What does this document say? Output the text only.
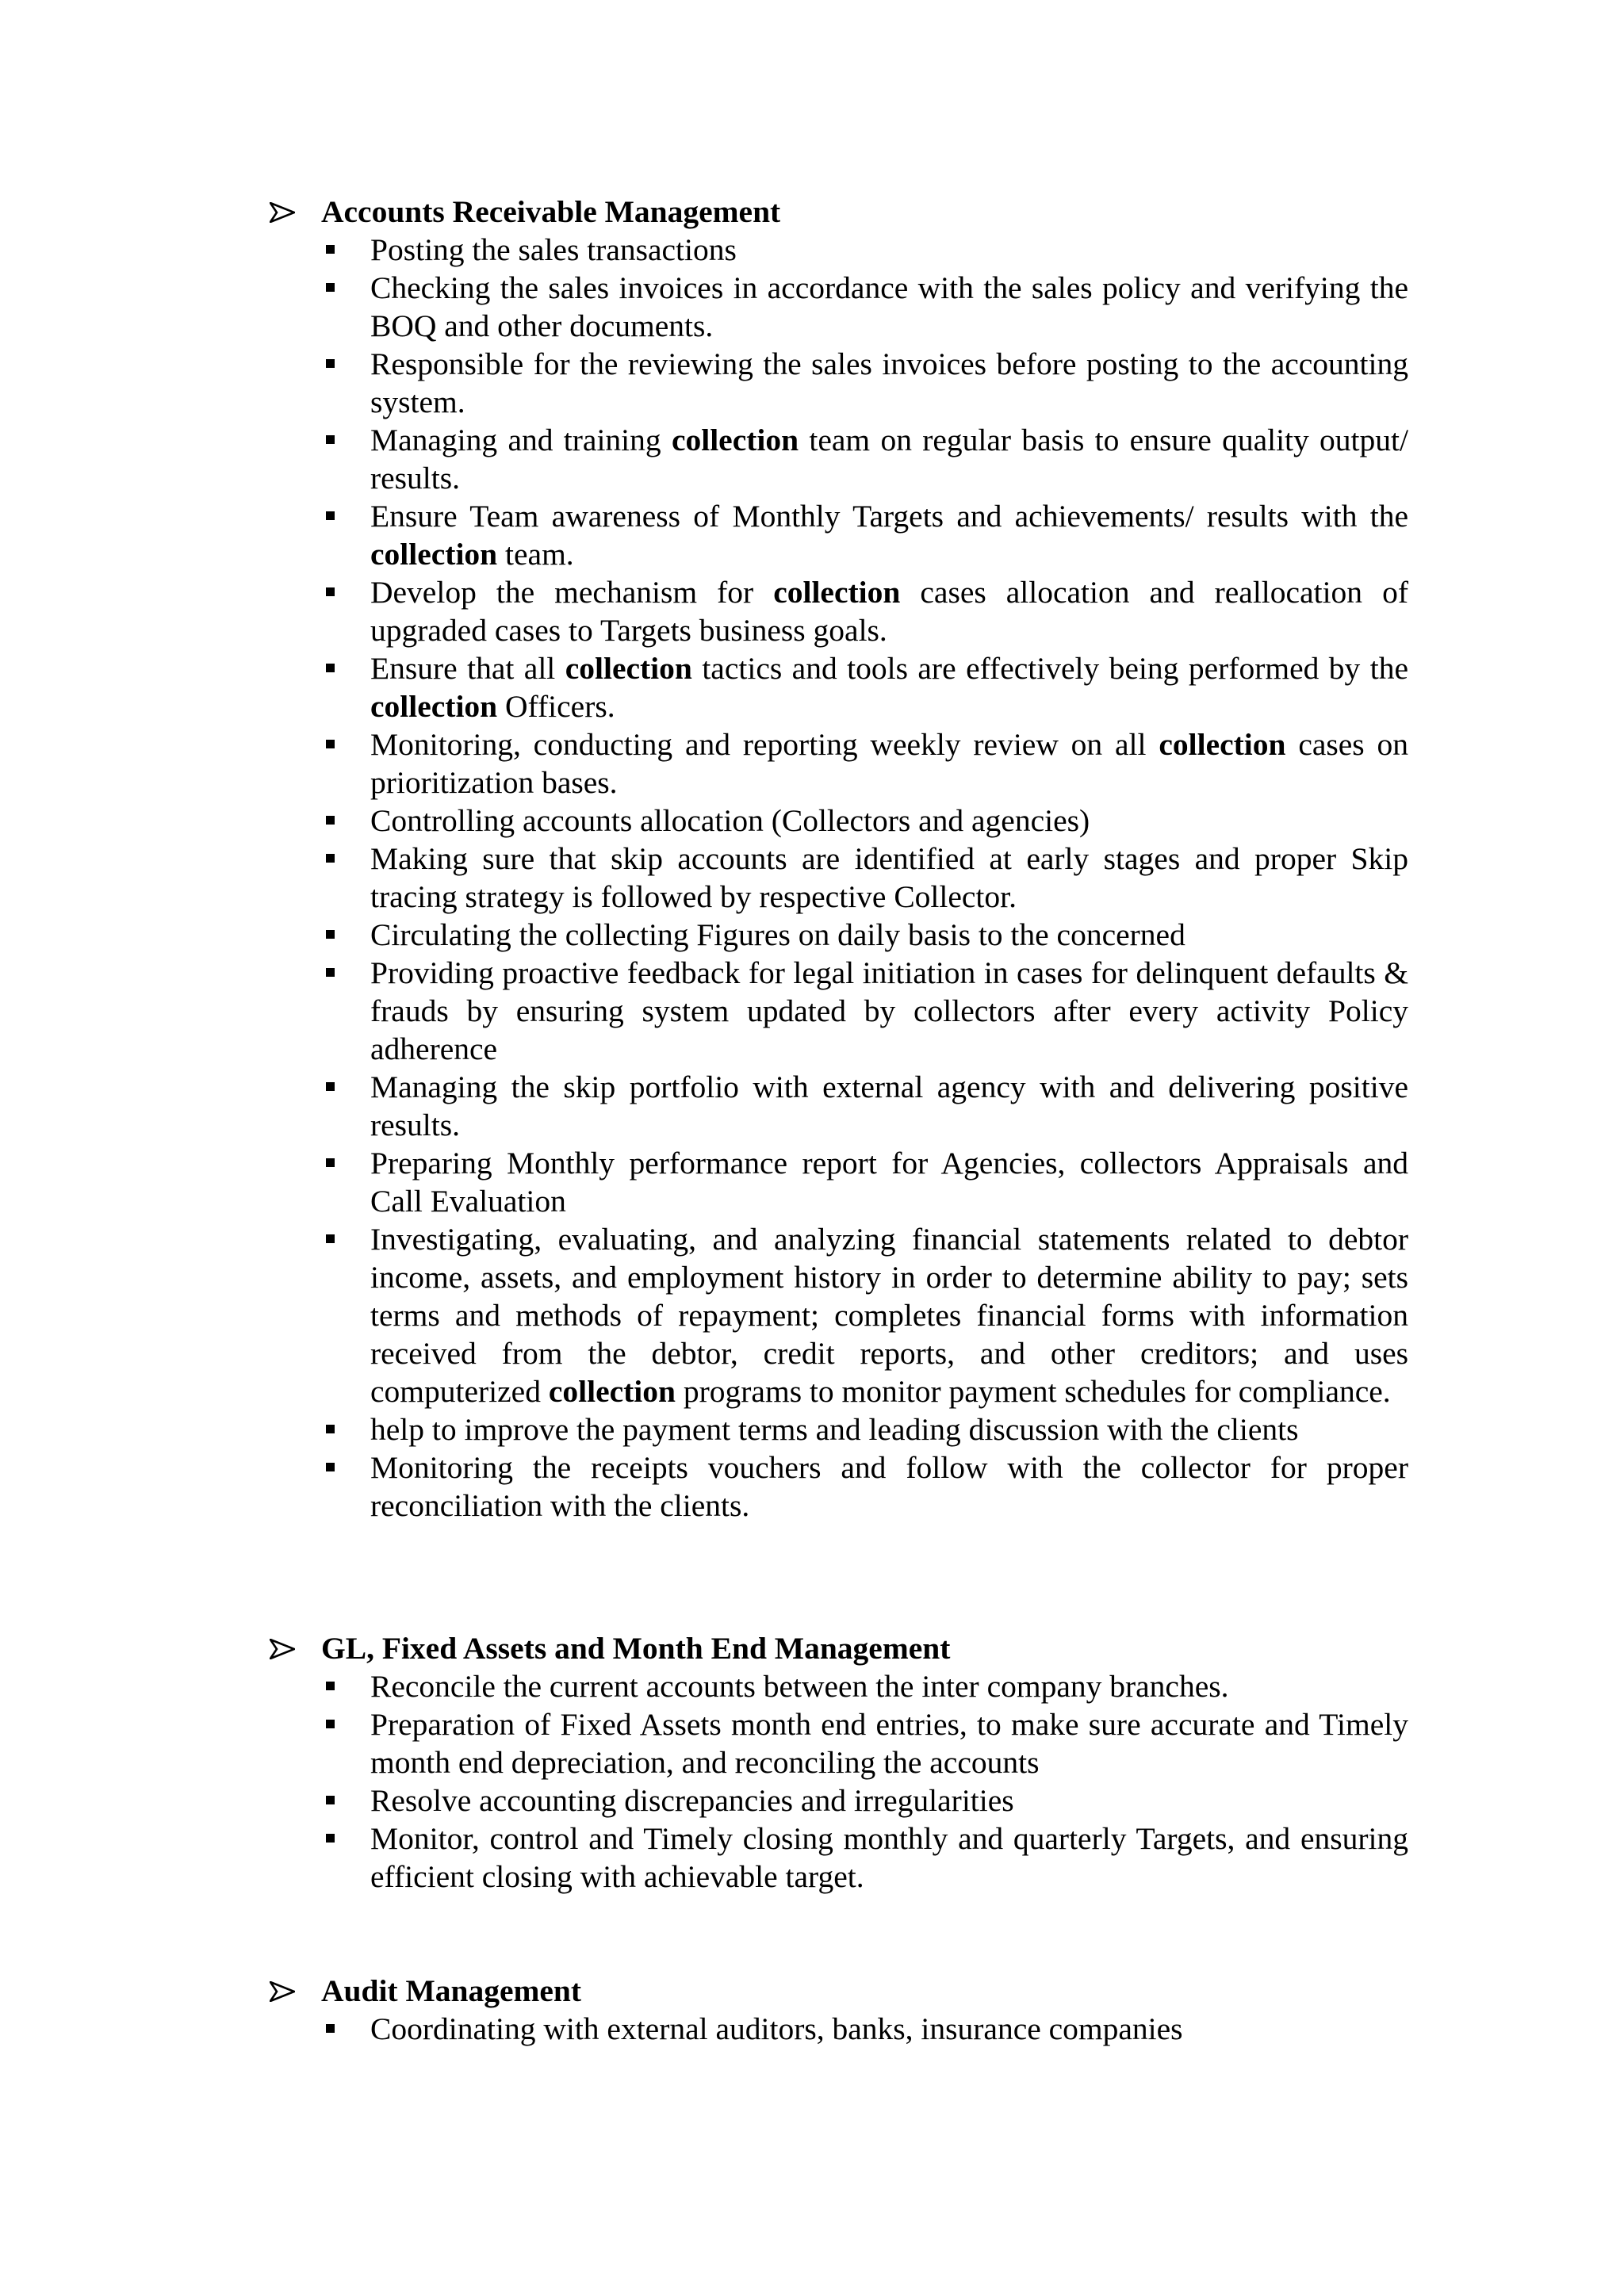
Accounts Receivable Management
Posting the sales transactions
Checking the sales invoices in accordance with the sales policy and verifying the BOQ and other documents.
Responsible for the reviewing the sales invoices before posting to the accounting system.
Managing and training collection team on regular basis to ensure quality output/ results.
Ensure Team awareness of Monthly Targets and achievements/ results with the collection team.
Develop the mechanism for collection cases allocation and reallocation of upgraded cases to Targets business goals.
Ensure that all collection tactics and tools are effectively being performed by the collection Officers.
Monitoring, conducting and reporting weekly review on all collection cases on prioritization bases.
Controlling accounts allocation (Collectors and agencies)
Making sure that skip accounts are identified at early stages and proper Skip tracing strategy is followed by respective Collector.
Circulating the collecting Figures on daily basis to the concerned
Providing proactive feedback for legal initiation in cases for delinquent defaults & frauds by ensuring system updated by collectors after every activity Policy adherence
Managing the skip portfolio with external agency with and delivering positive results.
Preparing Monthly performance report for Agencies, collectors Appraisals and Call Evaluation
Investigating, evaluating, and analyzing financial statements related to debtor income, assets, and employment history in order to determine ability to pay; sets terms and methods of repayment; completes financial forms with information received from the debtor, credit reports, and other creditors; and uses computerized collection programs to monitor payment schedules for compliance.
help to improve the payment terms and leading discussion with the clients
Monitoring the receipts vouchers and follow with the collector for proper reconciliation with the clients.
GL, Fixed Assets and Month End Management
Reconcile the current accounts between the inter company branches.
Preparation of Fixed Assets month end entries, to make sure accurate and Timely month end depreciation, and reconciling the accounts
Resolve accounting discrepancies and irregularities
Monitor, control and Timely closing monthly and quarterly Targets, and ensuring efficient closing with achievable target.
Audit Management
Coordinating with external auditors, banks, insurance companies
